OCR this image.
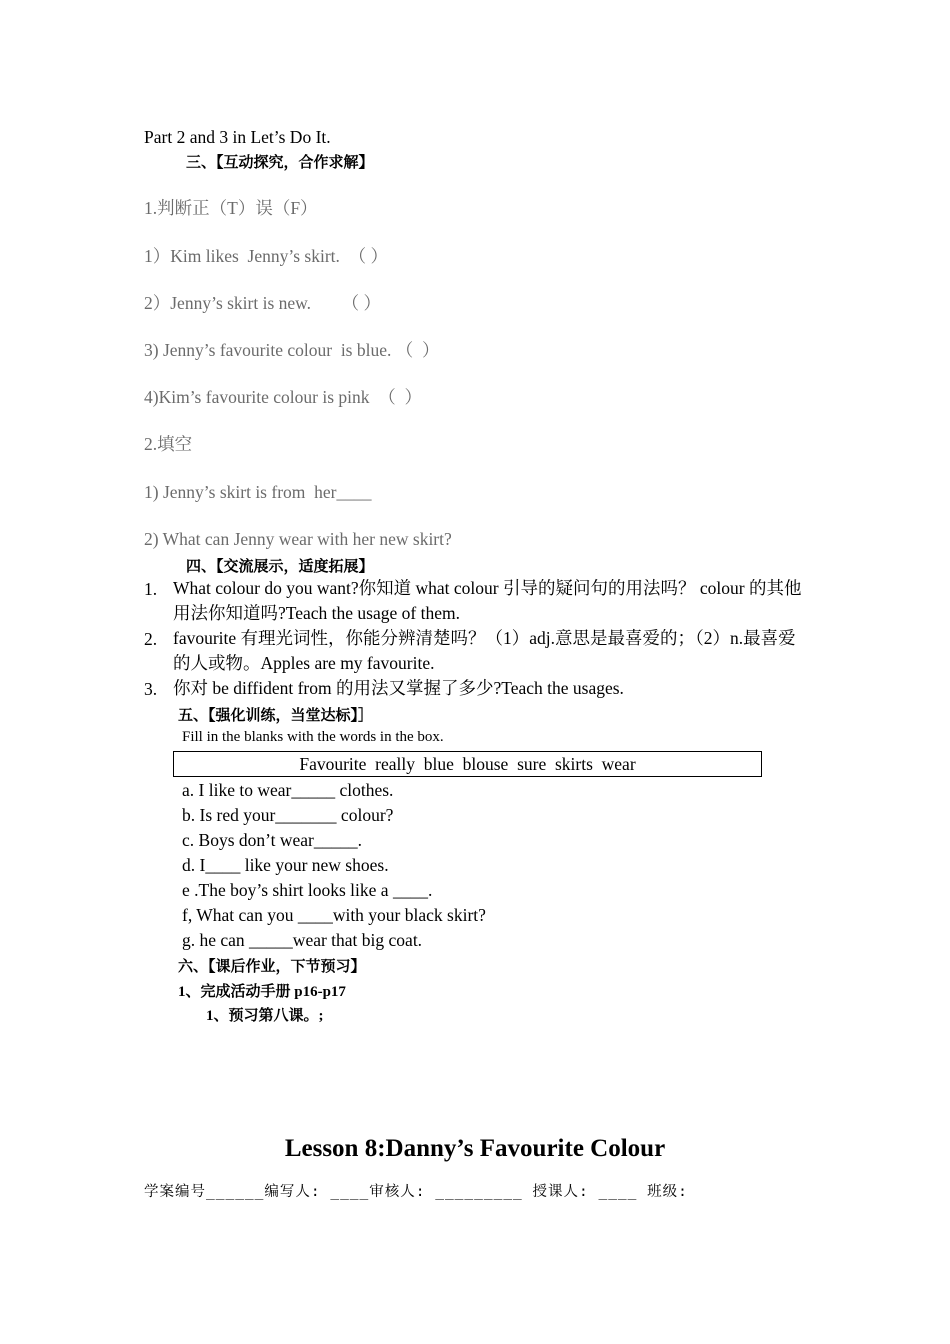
Part 2 and 3 in Let’s Do It.
三、【互动探究，合作求解】
1.判断正（T）误（F）
1）Kim likes  Jenny’s skirt.  （ ）
2）Jenny’s skirt is new.       （ ）
3) Jenny’s favourite colour  is blue. （  ）
4)Kim’s favourite colour is pink  （  ）
2.填空
1) Jenny’s skirt is from  her____
2) What can Jenny wear with her new skirt?
四、【交流展示，适度拓展】
1. What colour do you want?你知道 what colour 引导的疑问句的用法吗？ colour 的其他用法你知道吗?Teach the usage of them.
2. favourite 有理光词性，你能分辨清楚吗？（1）adj.意思是最喜爱的；（2）n.最喜爱的人或物。Apples are my favourite.
3. 你对 be diffident from 的用法又掌握了多少?Teach the usages.
五、【强化训练，当堂达标】］
Fill in the blanks with the words in the box.
Favourite  really  blue  blouse  sure  skirts  wear
a. I like to wear_____ clothes.
b. Is red your_______ colour?
c. Boys don’t wear_____.
d. I____ like your new shoes.
e .The boy’s shirt looks like a ____.
f, What can you ____with your black skirt?
g. he can _____wear that big coat.
六、【课后作业，下节预习】
1、完成活动手册 p16-p17
1、预习第八课。;
Lesson 8:Danny’s Favourite Colour
学案编号______编写人: ____审核人: _________ 授课人: ____ 班级:
